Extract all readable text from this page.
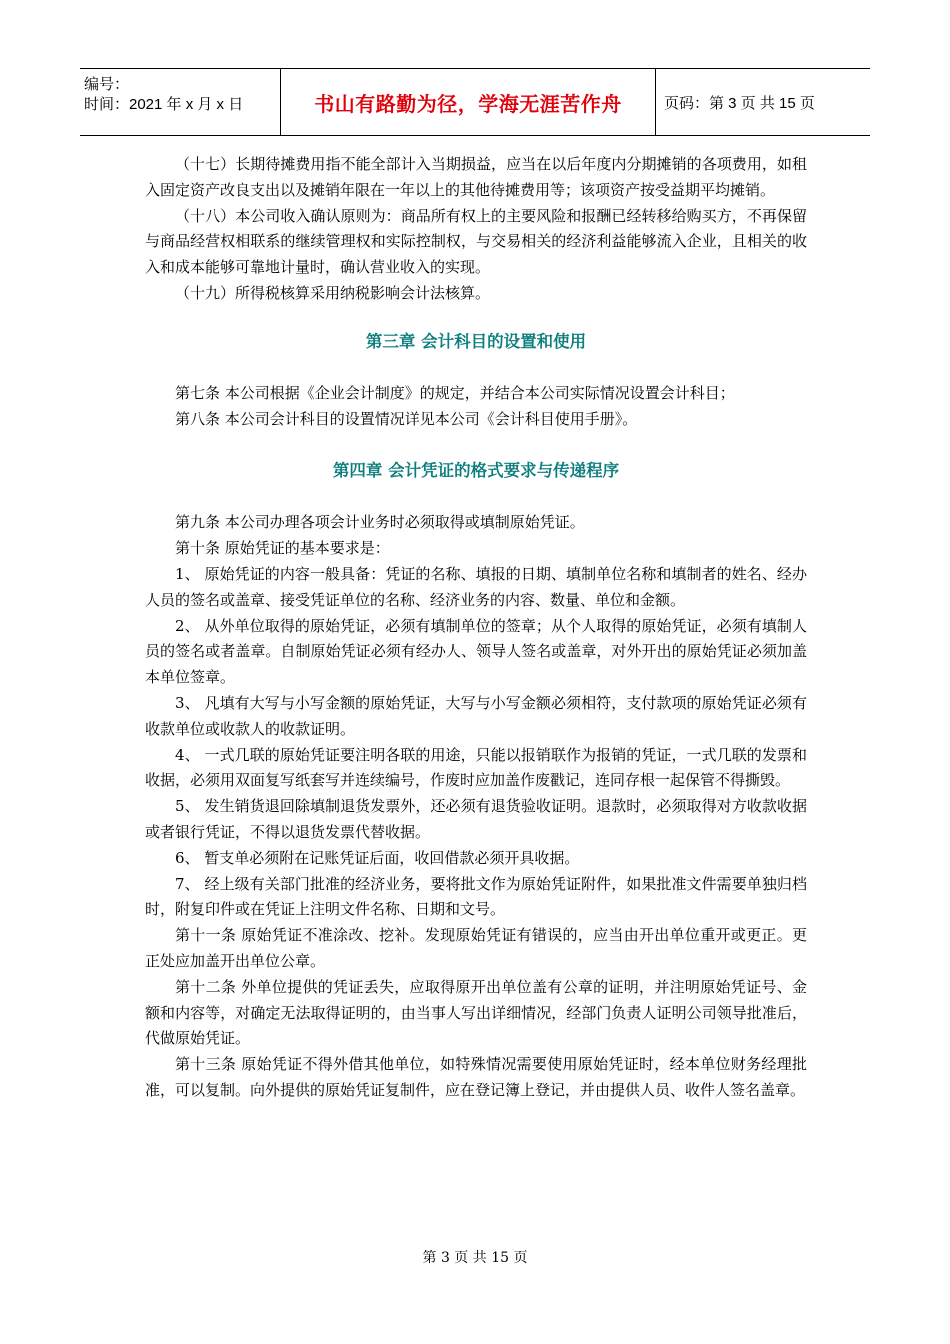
编号：
时间：2021 年 x 月 x 日	书山有路勤为径，学海无涯苦作舟	页码：第 3 页 共 15 页

（十七）长期待摊费用指不能全部计入当期损益，应当在以后年度内分期摊销的各项费用，如租入固定资产改良支出以及摊销年限在一年以上的其他待摊费用等；该项资产按受益期平均摊销。

（十八）本公司收入确认原则为：商品所有权上的主要风险和报酬已经转移给购买方，不再保留与商品经营权相联系的继续管理权和实际控制权，与交易相关的经济利益能够流入企业，且相关的收入和成本能够可靠地计量时，确认营业收入的实现。

（十九）所得税核算采用纳税影响会计法核算。

第三章 会计科目的设置和使用

第七条 本公司根据《企业会计制度》的规定，并结合本公司实际情况设置会计科目；

第八条 本公司会计科目的设置情况详见本公司《会计科目使用手册》。

第四章 会计凭证的格式要求与传递程序

第九条 本公司办理各项会计业务时必须取得或填制原始凭证。

第十条 原始凭证的基本要求是：

1、 原始凭证的内容一般具备：凭证的名称、填报的日期、填制单位名称和填制者的姓名、经办人员的签名或盖章、接受凭证单位的名称、经济业务的内容、数量、单位和金额。

2、 从外单位取得的原始凭证，必须有填制单位的签章；从个人取得的原始凭证，必须有填制人员的签名或者盖章。自制原始凭证必须有经办人、领导人签名或盖章，对外开出的原始凭证必须加盖本单位签章。

3、 凡填有大写与小写金额的原始凭证，大写与小写金额必须相符，支付款项的原始凭证必须有收款单位或收款人的收款证明。

4、 一式几联的原始凭证要注明各联的用途，只能以报销联作为报销的凭证，一式几联的发票和收据，必须用双面复写纸套写并连续编号，作废时应加盖作废戳记，连同存根一起保管不得撕毁。

5、 发生销货退回除填制退货发票外，还必须有退货验收证明。退款时，必须取得对方收款收据或者银行凭证，不得以退货发票代替收据。

6、 暂支单必须附在记账凭证后面，收回借款必须开具收据。

7、 经上级有关部门批准的经济业务，要将批文作为原始凭证附件，如果批准文件需要单独归档时，附复印件或在凭证上注明文件名称、日期和文号。

第十一条 原始凭证不准涂改、挖补。发现原始凭证有错误的，应当由开出单位重开或更正。更正处应加盖开出单位公章。

第十二条 外单位提供的凭证丢失，应取得原开出单位盖有公章的证明，并注明原始凭证号、金额和内容等，对确定无法取得证明的，由当事人写出详细情况，经部门负责人证明公司领导批准后，代做原始凭证。

第十三条 原始凭证不得外借其他单位，如特殊情况需要使用原始凭证时，经本单位财务经理批准，可以复制。向外提供的原始凭证复制件，应在登记簿上登记，并由提供人员、收件人签名盖章。

第 3 页 共 15 页
